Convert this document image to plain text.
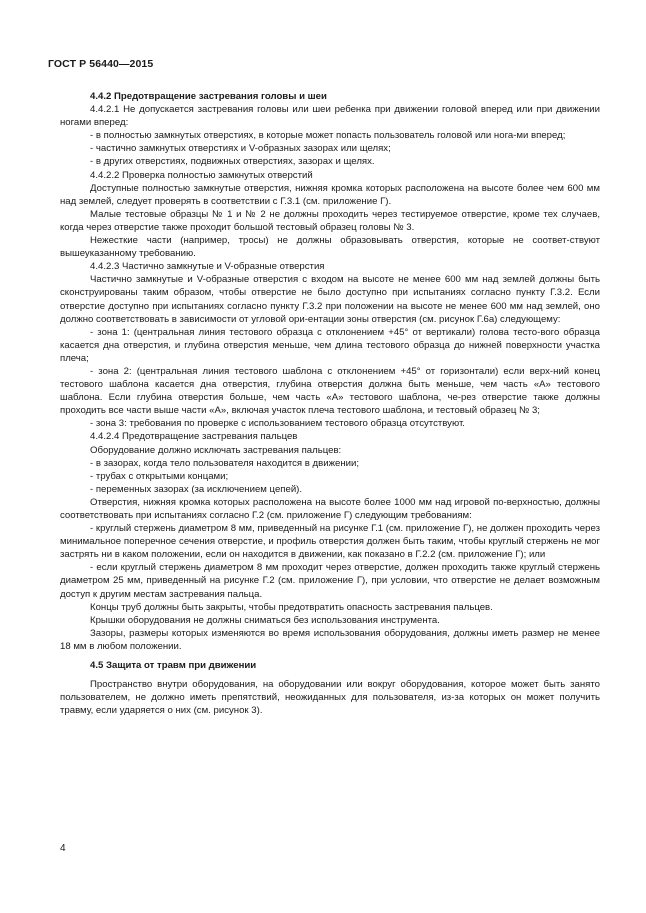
ГОСТ Р 56440—2015

4.4.2 Предотвращение застревания головы и шеи

4.4.2.1 Не допускается застревания головы или шеи ребенка при движении головой вперед или при движении ногами вперед:

- в полностью замкнутых отверстиях, в которые может попасть пользователь головой или нога-ми вперед;

- частично замкнутых отверстиях и V-образных зазорах или щелях;

- в других отверстиях, подвижных отверстиях, зазорах и щелях.

4.4.2.2 Проверка полностью замкнутых отверстий

Доступные полностью замкнутые отверстия, нижняя кромка которых расположена на высоте более чем 600 мм над землей, следует проверять в соответствии с Г.3.1 (см. приложение Г).

Малые тестовые образцы № 1 и № 2 не должны проходить через тестируемое отверстие, кроме тех случаев, когда через отверстие также проходит большой тестовый образец головы № 3.

Нежесткие части (например, тросы) не должны образовывать отверстия, которые не соответ-ствуют вышеуказанному требованию.

4.4.2.3 Частично замкнутые и V-образные отверстия

Частично замкнутые и V-образные отверстия с входом на высоте не менее 600 мм над землей должны быть сконструированы таким образом, чтобы отверстие не было доступно при испытаниях согласно пункту Г.3.2. Если отверстие доступно при испытаниях согласно пункту Г.3.2 при положении на высоте не менее 600 мм над землей, оно должно соответствовать в зависимости от угловой ори-ентации зоны отверстия (см. рисунок Г.6а) следующему:

- зона 1: (центральная линия тестового образца с отклонением +45° от вертикали) голова тесто-вого образца касается дна отверстия, и глубина отверстия меньше, чем длина тестового образца до нижней поверхности участка плеча;

- зона 2: (центральная линия тестового шаблона с отклонением +45° от горизонтали) если верх-ний конец тестового шаблона касается дна отверстия, глубина отверстия должна быть меньше, чем часть «А» тестового шаблона. Если глубина отверстия больше, чем часть «А» тестового шаблона, че-рез отверстие также должны проходить все части выше части «А», включая участок плеча тестового шаблона, и тестовый образец № 3;

- зона 3: требования по проверке с использованием тестового образца отсутствуют.

4.4.2.4 Предотвращение застревания пальцев

Оборудование должно исключать застревания пальцев:

- в зазорах, когда тело пользователя находится в движении;

- трубах с открытыми концами;

- переменных зазорах (за исключением цепей).

Отверстия, нижняя кромка которых расположена на высоте более 1000 мм над игровой по-верхностью, должны соответствовать при испытаниях согласно Г.2 (см. приложение Г) следующим требованиям:

- круглый стержень диаметром 8 мм, приведенный на рисунке Г.1 (см. приложение Г), не должен проходить через минимальное поперечное сечения отверстие, и профиль отверстия должен быть таким, чтобы круглый стержень не мог застрять ни в каком положении, если он находится в движении, как показано в Г.2.2 (см. приложение Г); или

- если круглый стержень диаметром 8 мм проходит через отверстие, должен проходить также круглый стержень диаметром 25 мм, приведенный на рисунке Г.2 (см. приложение Г), при условии, что отверстие не делает возможным доступ к другим местам застревания пальца.

Концы труб должны быть закрыты, чтобы предотвратить опасность застревания пальцев.

Крышки оборудования не должны сниматься без использования инструмента.

Зазоры, размеры которых изменяются во время использования оборудования, должны иметь размер не менее 18 мм в любом положении.

4.5 Защита от травм при движении

Пространство внутри оборудования, на оборудовании или вокруг оборудования, которое может быть занято пользователем, не должно иметь препятствий, неожиданных для пользователя, из-за которых он может получить травму, если ударяется о них (см. рисунок 3).

4
